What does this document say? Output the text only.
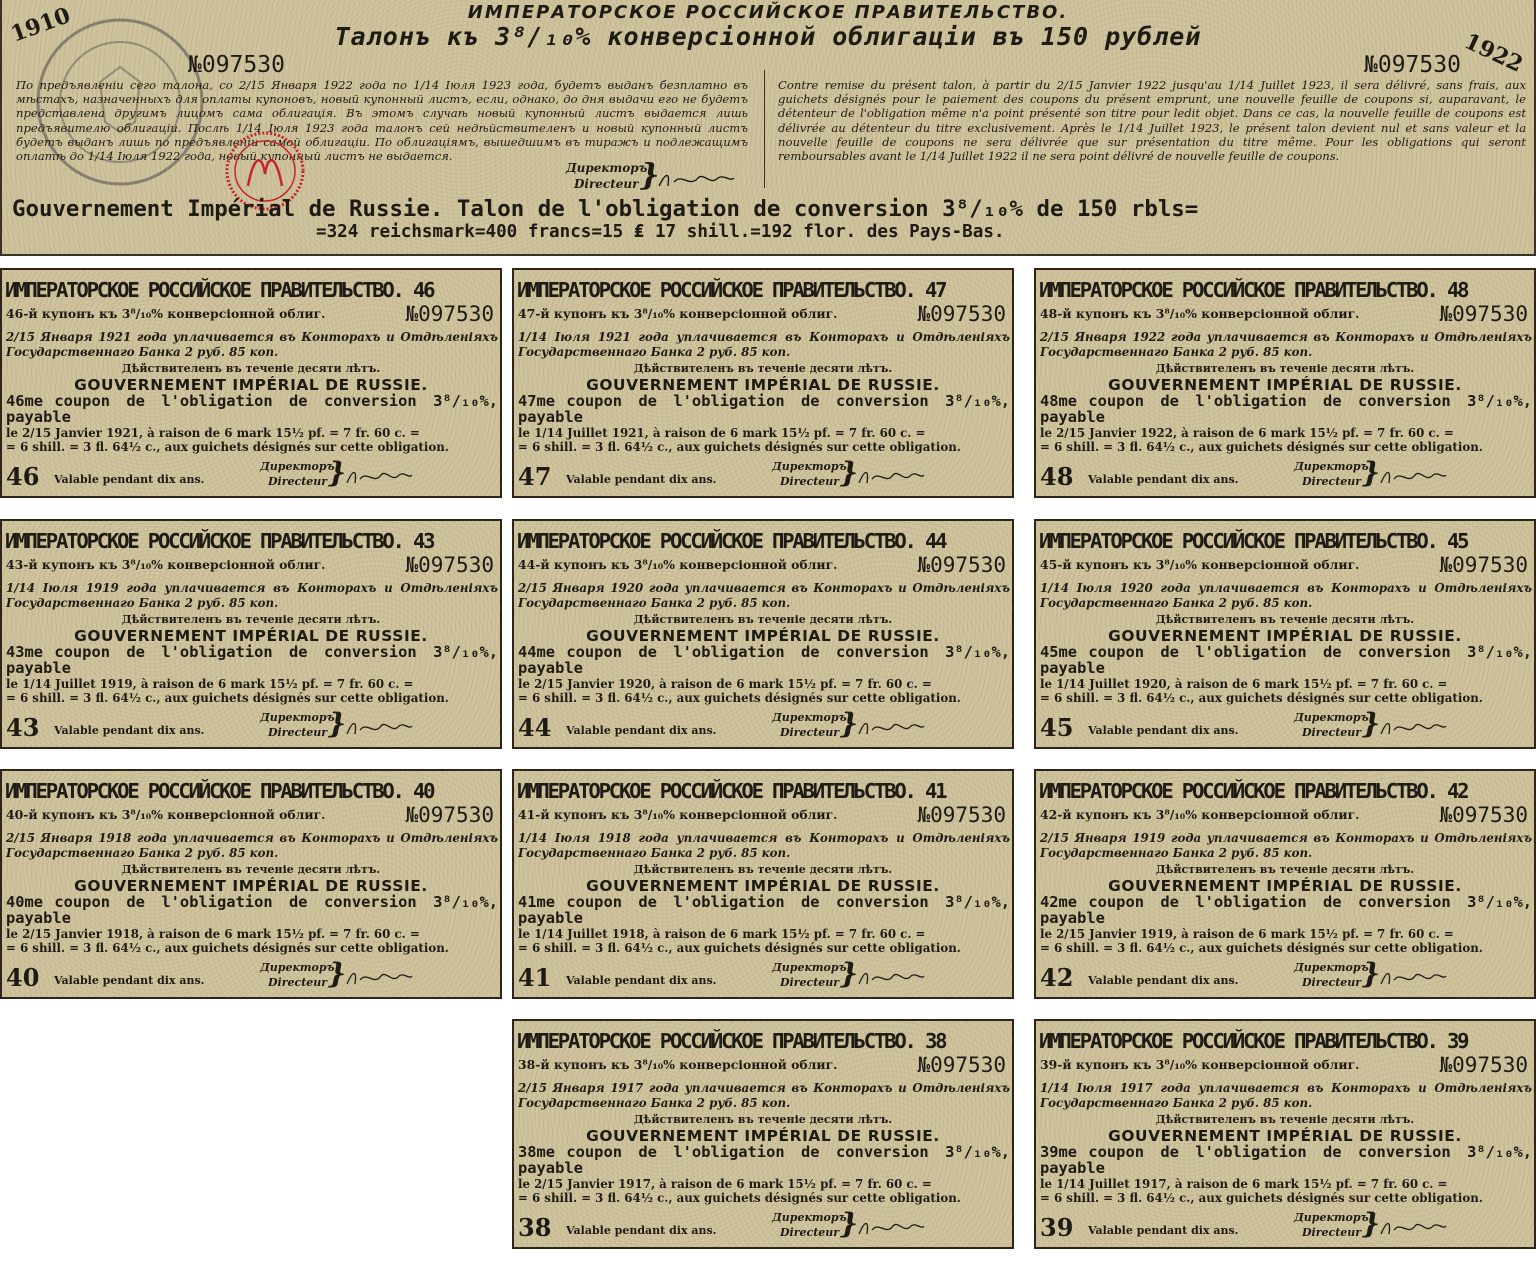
ИМПЕРАТОРСКОЕ РОССИЙСКОЕ ПРАВИТЕЛЬСТВО.
Талонъ къ 3⁸/₁₀% конверсіонной облигаціи въ 150 рублей
1910
1922
№097530	№097530
По предъявленіи сего талона, со 2/15 Января 1922 года по 1/14 Іюля 1923 года, будетъ выданъ безплатно въ мѣстахъ, назначенныхъ для оплаты купоновъ, новый купонный листъ, если, однако, до дня выдачи его не будетъ представлена другимъ лицомъ сама облигація. Въ этомъ случаѣ новый купонный листъ выдается лишь предъявителю облигаціи. Послѣ 1/14 Іюля 1923 года талонъ сей недѣйствителенъ и новый купонный листъ будетъ выданъ лишь по предъявленіи самой облигаціи. По облигаціямъ, вышедшимъ въ тиражъ и подлежащимъ оплатѣ до 1/14 Іюля 1922 года, новый купонный листъ не выдается.
Contre remise du présent talon, à partir du 2/15 Janvier 1922 jusqu'au 1/14 Juillet 1923, il sera délivré, sans frais, aux guichets désignés pour le paiement des coupons du présent emprunt, une nouvelle feuille de coupons si, auparavant, le détenteur de l'obligation même n'a point présenté son titre pour ledit objet. Dans ce cas, la nouvelle feuille de coupons est délivrée au détenteur du titre exclusivement. Après le 1/14 Juillet 1923, le présent talon devient nul et sans valeur et la nouvelle feuille de coupons ne sera délivrée que sur présentation du titre même. Pour les obligations qui seront remboursables avant le 1/14 Juillet 1922 il ne sera point délivré de nouvelle feuille de coupons.
Директоръ
Directeur }
Gouvernement Impérial de Russie. Talon de l'obligation de conversion 3⁸/₁₀% de 150 rbls=
=324 reichsmark=400 francs=15 ₤ 17 shill.=192 flor. des Pays-Bas.
ИМПЕРАТОРСКОЕ РОССИЙСКОЕ ПРАВИТЕЛЬСТВО. 46
46-й купонъ къ 3⁸/₁₀% конверсіонной облиг.	№097530
2/15 Января 1921 года уплачивается въ Конторахъ и Отдѣленіяхъ Государственнаго Банка 2 руб. 85 коп.
Дѣйствителенъ въ теченіе десяти лѣтъ.
GOUVERNEMENT IMPÉRIAL DE RUSSIE.
46me coupon de l'obligation de conversion 3⁸/₁₀%, payable
le 2/15 Janvier 1921, à raison de 6 mark 15½ pf. = 7 fr. 60 c. =
= 6 shill. = 3 fl. 64½ c., aux guichets désignés sur cette obligation.
46 Valable pendant dix ans.
Директоръ
Directeur }
ИМПЕРАТОРСКОЕ РОССИЙСКОЕ ПРАВИТЕЛЬСТВО. 47
47-й купонъ къ 3⁸/₁₀% конверсіонной облиг.	№097530
1/14 Іюля 1921 года уплачивается въ Конторахъ и Отдѣленіяхъ Государственнаго Банка 2 руб. 85 коп.
Дѣйствителенъ въ теченіе десяти лѣтъ.
GOUVERNEMENT IMPÉRIAL DE RUSSIE.
47me coupon de l'obligation de conversion 3⁸/₁₀%, payable
le 1/14 Juillet 1921, à raison de 6 mark 15½ pf. = 7 fr. 60 c. =
= 6 shill. = 3 fl. 64½ c., aux guichets désignés sur cette obligation.
47 Valable pendant dix ans.
Директоръ
Directeur }
ИМПЕРАТОРСКОЕ РОССИЙСКОЕ ПРАВИТЕЛЬСТВО. 48
48-й купонъ къ 3⁸/₁₀% конверсіонной облиг.	№097530
2/15 Января 1922 года уплачивается въ Конторахъ и Отдѣленіяхъ Государственнаго Банка 2 руб. 85 коп.
Дѣйствителенъ въ теченіе десяти лѣтъ.
GOUVERNEMENT IMPÉRIAL DE RUSSIE.
48me coupon de l'obligation de conversion 3⁸/₁₀%, payable
le 2/15 Janvier 1922, à raison de 6 mark 15½ pf. = 7 fr. 60 c. =
= 6 shill. = 3 fl. 64½ c., aux guichets désignés sur cette obligation.
48 Valable pendant dix ans.
Директоръ
Directeur }
ИМПЕРАТОРСКОЕ РОССИЙСКОЕ ПРАВИТЕЛЬСТВО. 43
43-й купонъ къ 3⁸/₁₀% конверсіонной облиг.	№097530
1/14 Іюля 1919 года уплачивается въ Конторахъ и Отдѣленіяхъ Государственнаго Банка 2 руб. 85 коп.
Дѣйствителенъ въ теченіе десяти лѣтъ.
GOUVERNEMENT IMPÉRIAL DE RUSSIE.
43me coupon de l'obligation de conversion 3⁸/₁₀%, payable
le 1/14 Juillet 1919, à raison de 6 mark 15½ pf. = 7 fr. 60 c. =
= 6 shill. = 3 fl. 64½ c., aux guichets désignés sur cette obligation.
43 Valable pendant dix ans.
Директоръ
Directeur }
ИМПЕРАТОРСКОЕ РОССИЙСКОЕ ПРАВИТЕЛЬСТВО. 44
44-й купонъ къ 3⁸/₁₀% конверсіонной облиг.	№097530
2/15 Января 1920 года уплачивается въ Конторахъ и Отдѣленіяхъ Государственнаго Банка 2 руб. 85 коп.
Дѣйствителенъ въ теченіе десяти лѣтъ.
GOUVERNEMENT IMPÉRIAL DE RUSSIE.
44me coupon de l'obligation de conversion 3⁸/₁₀%, payable
le 2/15 Janvier 1920, à raison de 6 mark 15½ pf. = 7 fr. 60 c. =
= 6 shill. = 3 fl. 64½ c., aux guichets désignés sur cette obligation.
44 Valable pendant dix ans.
Директоръ
Directeur }
ИМПЕРАТОРСКОЕ РОССИЙСКОЕ ПРАВИТЕЛЬСТВО. 45
45-й купонъ къ 3⁸/₁₀% конверсіонной облиг.	№097530
1/14 Іюля 1920 года уплачивается въ Конторахъ и Отдѣленіяхъ Государственнаго Банка 2 руб. 85 коп.
Дѣйствителенъ въ теченіе десяти лѣтъ.
GOUVERNEMENT IMPÉRIAL DE RUSSIE.
45me coupon de l'obligation de conversion 3⁸/₁₀%, payable
le 1/14 Juillet 1920, à raison de 6 mark 15½ pf. = 7 fr. 60 c. =
= 6 shill. = 3 fl. 64½ c., aux guichets désignés sur cette obligation.
45 Valable pendant dix ans.
Директоръ
Directeur }
ИМПЕРАТОРСКОЕ РОССИЙСКОЕ ПРАВИТЕЛЬСТВО. 40
40-й купонъ къ 3⁸/₁₀% конверсіонной облиг.	№097530
2/15 Января 1918 года уплачивается въ Конторахъ и Отдѣленіяхъ Государственнаго Банка 2 руб. 85 коп.
Дѣйствителенъ въ теченіе десяти лѣтъ.
GOUVERNEMENT IMPÉRIAL DE RUSSIE.
40me coupon de l'obligation de conversion 3⁸/₁₀%, payable
le 2/15 Janvier 1918, à raison de 6 mark 15½ pf. = 7 fr. 60 c. =
= 6 shill. = 3 fl. 64½ c., aux guichets désignés sur cette obligation.
40 Valable pendant dix ans.
Директоръ
Directeur }
ИМПЕРАТОРСКОЕ РОССИЙСКОЕ ПРАВИТЕЛЬСТВО. 41
41-й купонъ къ 3⁸/₁₀% конверсіонной облиг.	№097530
1/14 Іюля 1918 года уплачивается въ Конторахъ и Отдѣленіяхъ Государственнаго Банка 2 руб. 85 коп.
Дѣйствителенъ въ теченіе десяти лѣтъ.
GOUVERNEMENT IMPÉRIAL DE RUSSIE.
41me coupon de l'obligation de conversion 3⁸/₁₀%, payable
le 1/14 Juillet 1918, à raison de 6 mark 15½ pf. = 7 fr. 60 c. =
= 6 shill. = 3 fl. 64½ c., aux guichets désignés sur cette obligation.
41 Valable pendant dix ans.
Директоръ
Directeur }
ИМПЕРАТОРСКОЕ РОССИЙСКОЕ ПРАВИТЕЛЬСТВО. 42
42-й купонъ къ 3⁸/₁₀% конверсіонной облиг.	№097530
2/15 Января 1919 года уплачивается въ Конторахъ и Отдѣленіяхъ Государственнаго Банка 2 руб. 85 коп.
Дѣйствителенъ въ теченіе десяти лѣтъ.
GOUVERNEMENT IMPÉRIAL DE RUSSIE.
42me coupon de l'obligation de conversion 3⁸/₁₀%, payable
le 2/15 Janvier 1919, à raison de 6 mark 15½ pf. = 7 fr. 60 c. =
= 6 shill. = 3 fl. 64½ c., aux guichets désignés sur cette obligation.
42 Valable pendant dix ans.
Директоръ
Directeur }
ИМПЕРАТОРСКОЕ РОССИЙСКОЕ ПРАВИТЕЛЬСТВО. 38
38-й купонъ къ 3⁸/₁₀% конверсіонной облиг.	№097530
2/15 Января 1917 года уплачивается въ Конторахъ и Отдѣленіяхъ Государственнаго Банка 2 руб. 85 коп.
Дѣйствителенъ въ теченіе десяти лѣтъ.
GOUVERNEMENT IMPÉRIAL DE RUSSIE.
38me coupon de l'obligation de conversion 3⁸/₁₀%, payable
le 2/15 Janvier 1917, à raison de 6 mark 15½ pf. = 7 fr. 60 c. =
= 6 shill. = 3 fl. 64½ c., aux guichets désignés sur cette obligation.
38 Valable pendant dix ans.
Директоръ
Directeur }
ИМПЕРАТОРСКОЕ РОССИЙСКОЕ ПРАВИТЕЛЬСТВО. 39
39-й купонъ къ 3⁸/₁₀% конверсіонной облиг.	№097530
1/14 Іюля 1917 года уплачивается въ Конторахъ и Отдѣленіяхъ Государственнаго Банка 2 руб. 85 коп.
Дѣйствителенъ въ теченіе десяти лѣтъ.
GOUVERNEMENT IMPÉRIAL DE RUSSIE.
39me coupon de l'obligation de conversion 3⁸/₁₀%, payable
le 1/14 Juillet 1917, à raison de 6 mark 15½ pf. = 7 fr. 60 c. =
= 6 shill. = 3 fl. 64½ c., aux guichets désignés sur cette obligation.
39 Valable pendant dix ans.
Директоръ
Directeur }
